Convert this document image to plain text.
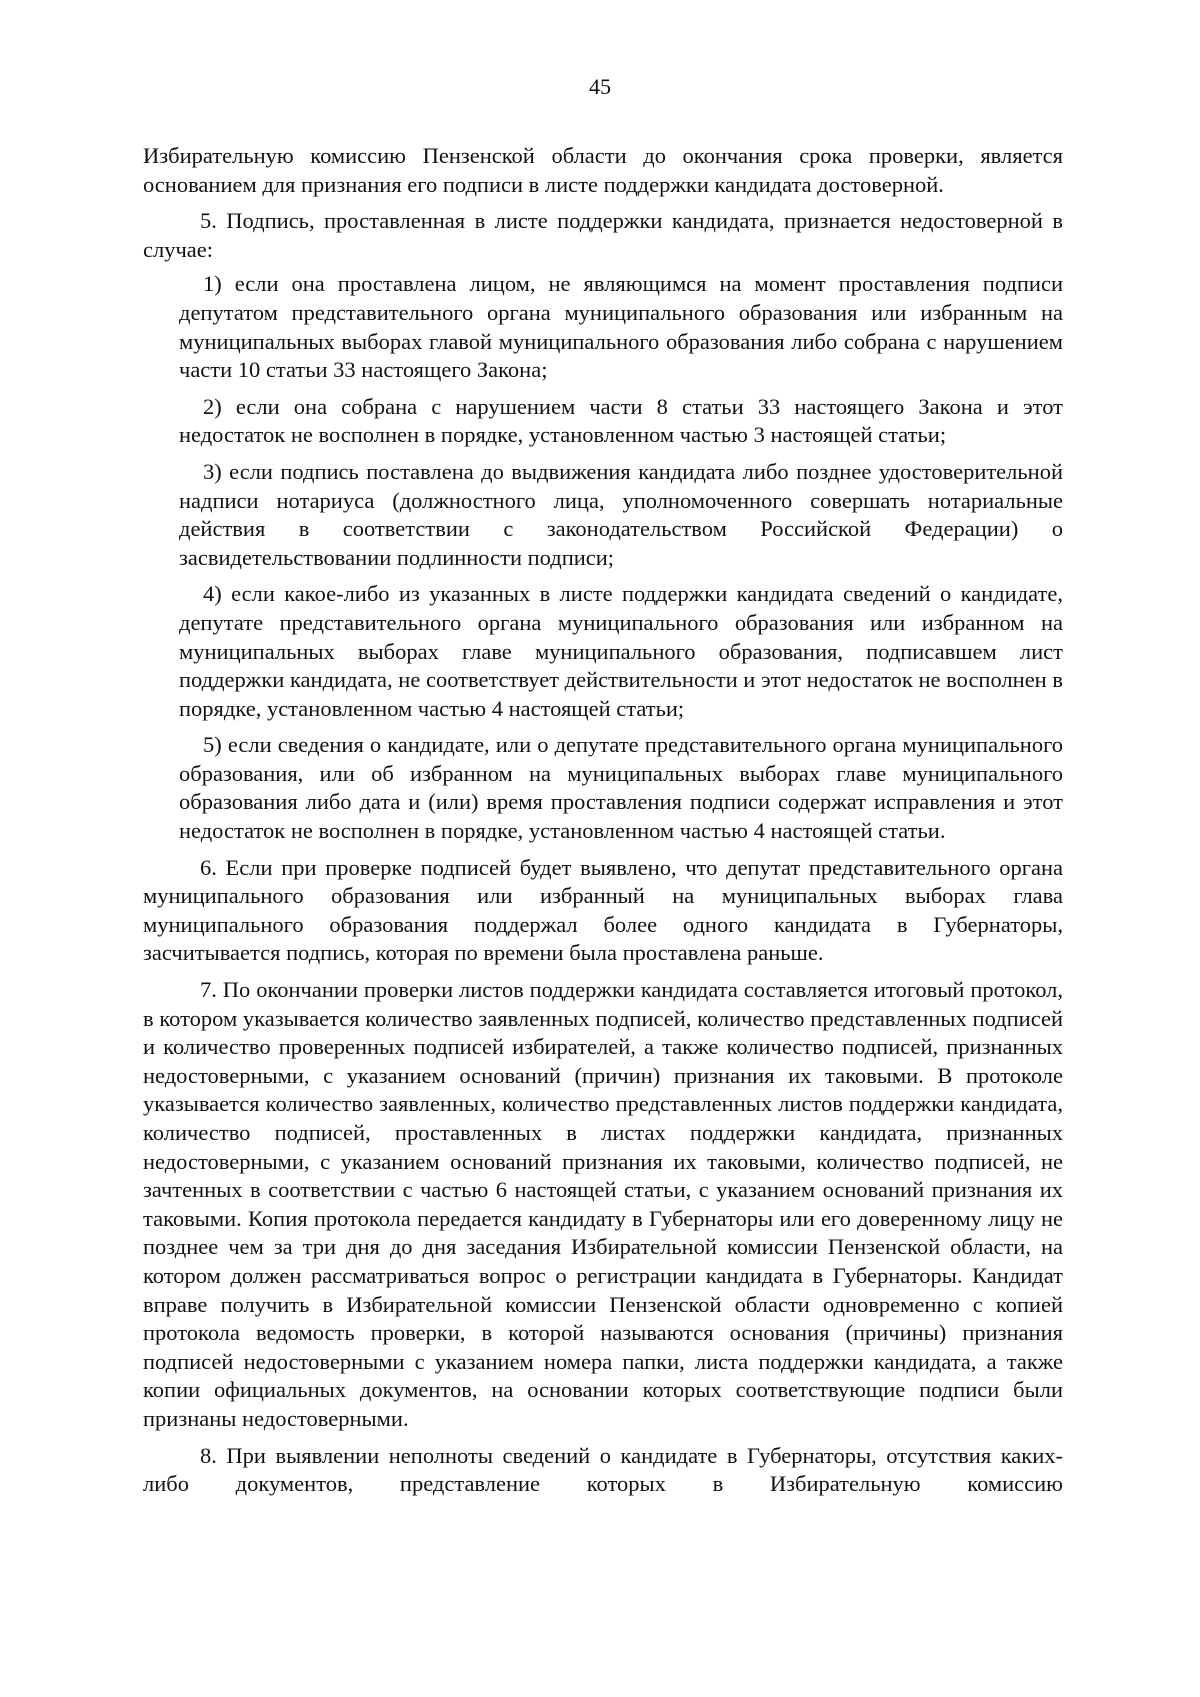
45

Избирательную комиссию Пензенской области до окончания срока проверки, является основанием для признания его подписи в листе поддержки кандидата достоверной.

5. Подпись, проставленная в листе поддержки кандидата, признается недостоверной в случае:

1) если она проставлена лицом, не являющимся на момент проставления подписи депутатом представительного органа муниципального образования или избранным на муниципальных выборах главой муниципального образования либо собрана с нарушением части 10 статьи 33 настоящего Закона;

2) если она собрана с нарушением части 8 статьи 33 настоящего Закона и этот недостаток не восполнен в порядке, установленном частью 3 настоящей статьи;

3) если подпись поставлена до выдвижения кандидата либо позднее удостоверительной надписи нотариуса (должностного лица, уполномоченного совершать нотариальные действия в соответствии с законодательством Российской Федерации) о засвидетельствовании подлинности подписи;

4) если какое-либо из указанных в листе поддержки кандидата сведений о кандидате, депутате представительного органа муниципального образования или избранном на муниципальных выборах главе муниципального образования, подписавшем лист поддержки кандидата, не соответствует действительности и этот недостаток не восполнен в порядке, установленном частью 4 настоящей статьи;

5) если сведения о кандидате, или о депутате представительного органа муниципального образования, или об избранном на муниципальных выборах главе муниципального образования либо дата и (или) время проставления подписи содержат исправления и этот недостаток не восполнен в порядке, установленном частью 4 настоящей статьи.

6. Если при проверке подписей будет выявлено, что депутат представительного органа муниципального образования или избранный на муниципальных выборах глава муниципального образования поддержал более одного кандидата в Губернаторы, засчитывается подпись, которая по времени была проставлена раньше.

7. По окончании проверки листов поддержки кандидата составляется итоговый протокол, в котором указывается количество заявленных подписей, количество представленных подписей и количество проверенных подписей избирателей, а также количество подписей, признанных недостоверными, с указанием оснований (причин) признания их таковыми. В протоколе указывается количество заявленных, количество представленных листов поддержки кандидата, количество подписей, проставленных в листах поддержки кандидата, признанных недостоверными, с указанием оснований признания их таковыми, количество подписей, не зачтенных в соответствии с частью 6 настоящей статьи, с указанием оснований признания их таковыми. Копия протокола передается кандидату в Губернаторы или его доверенному лицу не позднее чем за три дня до дня заседания Избирательной комиссии Пензенской области, на котором должен рассматриваться вопрос о регистрации кандидата в Губернаторы. Кандидат вправе получить в Избирательной комиссии Пензенской области одновременно с копией протокола ведомость проверки, в которой называются основания (причины) признания подписей недостоверными с указанием номера папки, листа поддержки кандидата, а также копии официальных документов, на основании которых соответствующие подписи были признаны недостоверными.

8. При выявлении неполноты сведений о кандидате в Губернаторы, отсутствия каких-либо документов, представление которых в Избирательную комиссию
